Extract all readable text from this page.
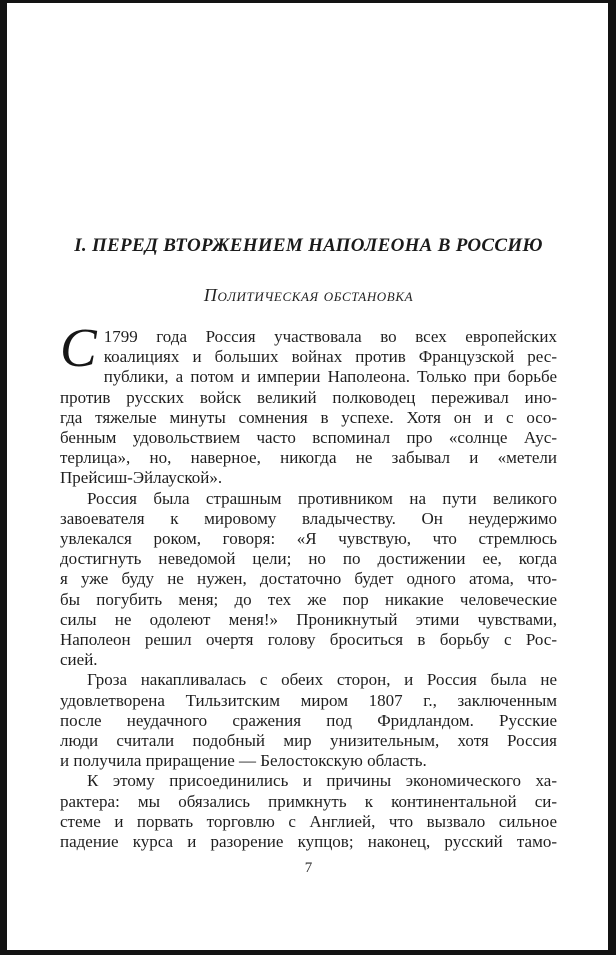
I. ПЕРЕД ВТОРЖЕНИЕМ НАПОЛЕОНА В РОССИЮ
Политическая обстановка
С 1799 года Россия участвовала во всех европейских
коалициях и больших войнах против Французской рес-
публики, а потом и империи Наполеона. Только при борьбе
против русских войск великий полководец переживал ино-
гда тяжелые минуты сомнения в успехе. Хотя он и с осо-
бенным удовольствием часто вспоминал про «солнце Аус-
терлица», но, наверное, никогда не забывал и «метели
Прейсиш-Эйлауской».
Россия была страшным противником на пути великого
завоевателя к мировому владычеству. Он неудержимо
увлекался роком, говоря: «Я чувствую, что стремлюсь
достигнуть неведомой цели; но по достижении ее, когда
я уже буду не нужен, достаточно будет одного атома, что-
бы погубить меня; до тех же пор никакие человеческие
силы не одолеют меня!» Проникнутый этими чувствами,
Наполеон решил очертя голову броситься в борьбу с Рос-
сией.
Гроза накапливалась с обеих сторон, и Россия была не
удовлетворена Тильзитским миром 1807 г., заключенным
после неудачного сражения под Фридландом. Русские
люди считали подобный мир унизительным, хотя Россия
и получила приращение — Белостокскую область.
К этому присоединились и причины экономического ха-
рактера: мы обязались примкнуть к континентальной си-
стеме и порвать торговлю с Англией, что вызвало сильное
падение курса и разорение купцов; наконец, русский тамо-
7
